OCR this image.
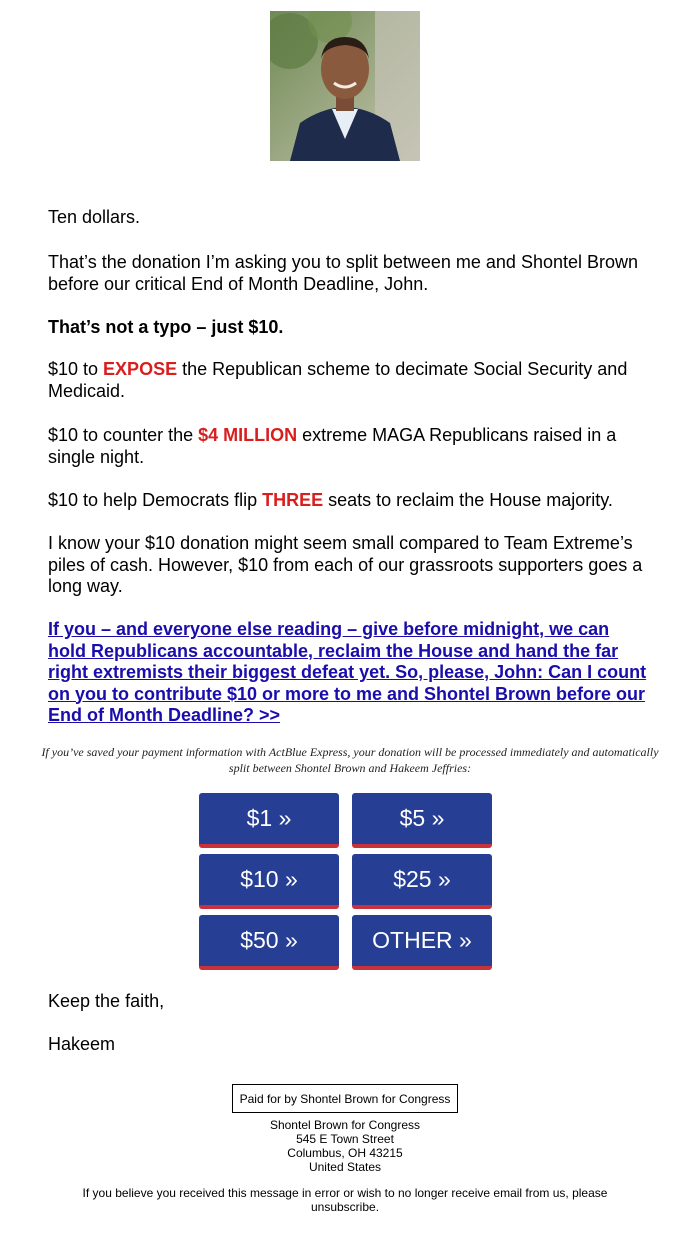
Ten dollars.
That’s the donation I’m asking you to split between me and Shontel Brown before our critical End of Month Deadline, John.
That’s not a typo – just $10.
$10 to EXPOSE the Republican scheme to decimate Social Security and Medicaid.
$10 to counter the $4 MILLION extreme MAGA Republicans raised in a single night.
$10 to help Democrats flip THREE seats to reclaim the House majority.
I know your $10 donation might seem small compared to Team Extreme’s piles of cash. However, $10 from each of our grassroots supporters goes a long way.
If you – and everyone else reading – give before midnight, we can hold Republicans accountable, reclaim the House and hand the far right extremists their biggest defeat yet. So, please, John: Can I count on you to contribute $10 or more to me and Shontel Brown before our End of Month Deadline? >>
If you’ve saved your payment information with ActBlue Express, your donation will be processed immediately and automatically split between Shontel Brown and Hakeem Jeffries:
$1 »	$5 »
$10 »	$25 »
$50 »	OTHER »
Keep the faith,
Hakeem
Paid for by Shontel Brown for Congress
Shontel Brown for Congress
545 E Town Street
Columbus, OH 43215
United States
If you believe you received this message in error or wish to no longer receive email from us, please unsubscribe.
